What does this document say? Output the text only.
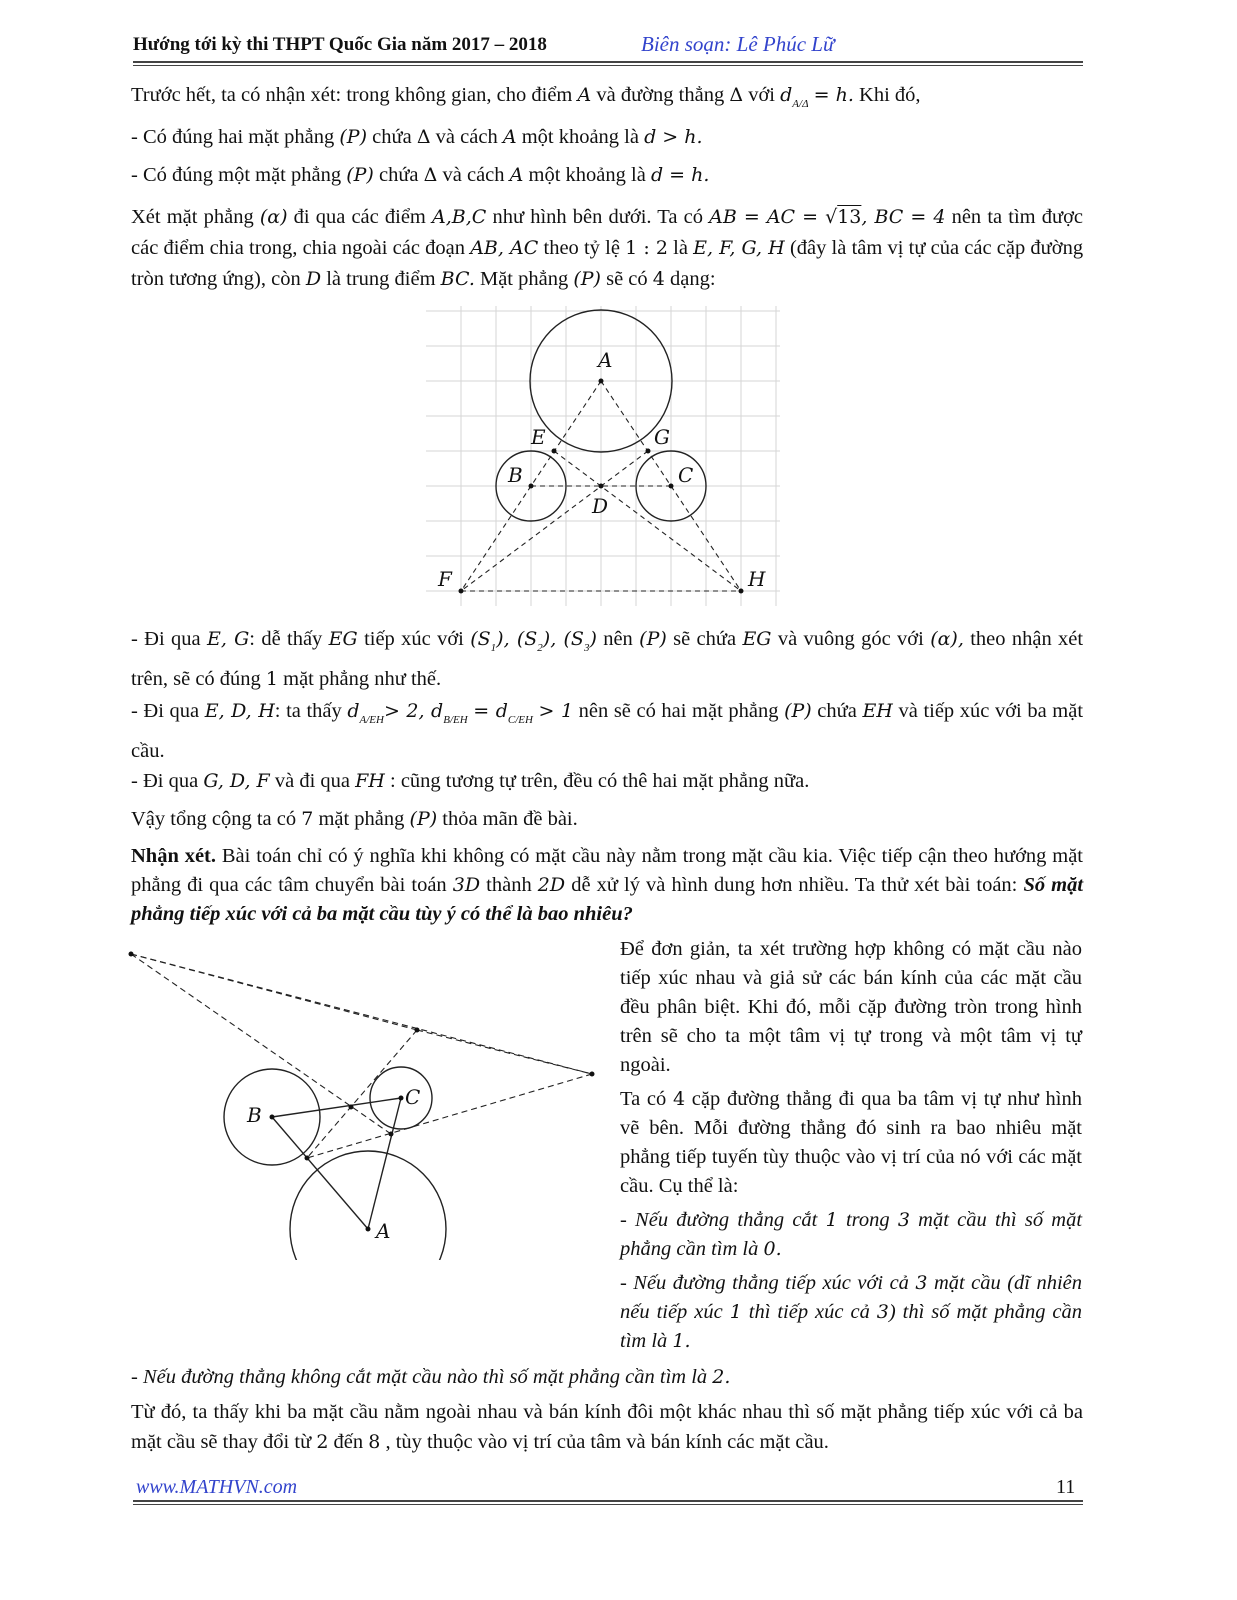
Hướng tới kỳ thi THPT Quốc Gia năm 2017 – 2018	Biên soạn: Lê Phúc Lữ

Trước hết, ta có nhận xét: trong không gian, cho điểm A và đường thẳng Δ với $d_{A/\Delta} = h$. Khi đó,

- Có đúng hai mặt phẳng (P) chứa Δ và cách A một khoảng là d > h.

- Có đúng một mặt phẳng (P) chứa Δ và cách A một khoảng là d = h.

Xét mặt phẳng (α) đi qua các điểm A,B,C như hình bên dưới. Ta có AB = AC = √13, BC = 4 nên ta tìm được các điểm chia trong, chia ngoài các đoạn AB, AC theo tỷ lệ 1 : 2 là E, F, G, H (đây là tâm vị tự của các cặp đường tròn tương ứng), còn D là trung điểm BC. Mặt phẳng (P) sẽ có 4 dạng:

A
E	G
B	C
D
F	H

- Đi qua E, G: dễ thấy EG tiếp xúc với $(S_1)$, $(S_2)$, $(S_3)$ nên (P) sẽ chứa EG và vuông góc với (α), theo nhận xét trên, sẽ có đúng 1 mặt phẳng như thế.

- Đi qua E, D, H: ta thấy $d_{A/EH}> 2$, $d_{B/EH} = d_{C/EH} > 1$ nên sẽ có hai mặt phẳng (P) chứa EH và tiếp xúc với ba mặt cầu.

- Đi qua G, D, F và đi qua FH : cũng tương tự trên, đều có thê hai mặt phẳng nữa.

Vậy tổng cộng ta có 7 mặt phẳng (P) thỏa mãn đề bài.

Nhận xét. Bài toán chỉ có ý nghĩa khi không có mặt cầu này nằm trong mặt cầu kia. Việc tiếp cận theo hướng mặt phẳng đi qua các tâm chuyển bài toán 3D thành 2D dễ xử lý và hình dung hơn nhiều. Ta thử xét bài toán: Số mặt phẳng tiếp xúc với cả ba mặt cầu tùy ý có thể là bao nhiêu?

B
C
A

Để đơn giản, ta xét trường hợp không có mặt cầu nào tiếp xúc nhau và giả sử các bán kính của các mặt cầu đều phân biệt. Khi đó, mỗi cặp đường tròn trong hình trên sẽ cho ta một tâm vị tự trong và một tâm vị tự ngoài.

Ta có 4 cặp đường thẳng đi qua ba tâm vị tự như hình vẽ bên. Mỗi đường thẳng đó sinh ra bao nhiêu mặt phẳng tiếp tuyến tùy thuộc vào vị trí của nó với các mặt cầu. Cụ thể là:

- Nếu đường thẳng cắt 1 trong 3 mặt cầu thì số mặt phẳng cần tìm là 0.

- Nếu đường thẳng tiếp xúc với cả 3 mặt cầu (dĩ nhiên nếu tiếp xúc 1 thì tiếp xúc cả 3) thì số mặt phẳng cần tìm là 1.

- Nếu đường thẳng không cắt mặt cầu nào thì số mặt phẳng cần tìm là 2.

Từ đó, ta thấy khi ba mặt cầu nằm ngoài nhau và bán kính đôi một khác nhau thì số mặt phẳng tiếp xúc với cả ba mặt cầu sẽ thay đổi từ 2 đến 8 , tùy thuộc vào vị trí của tâm và bán kính các mặt cầu.

www.MATHVN.com	11
